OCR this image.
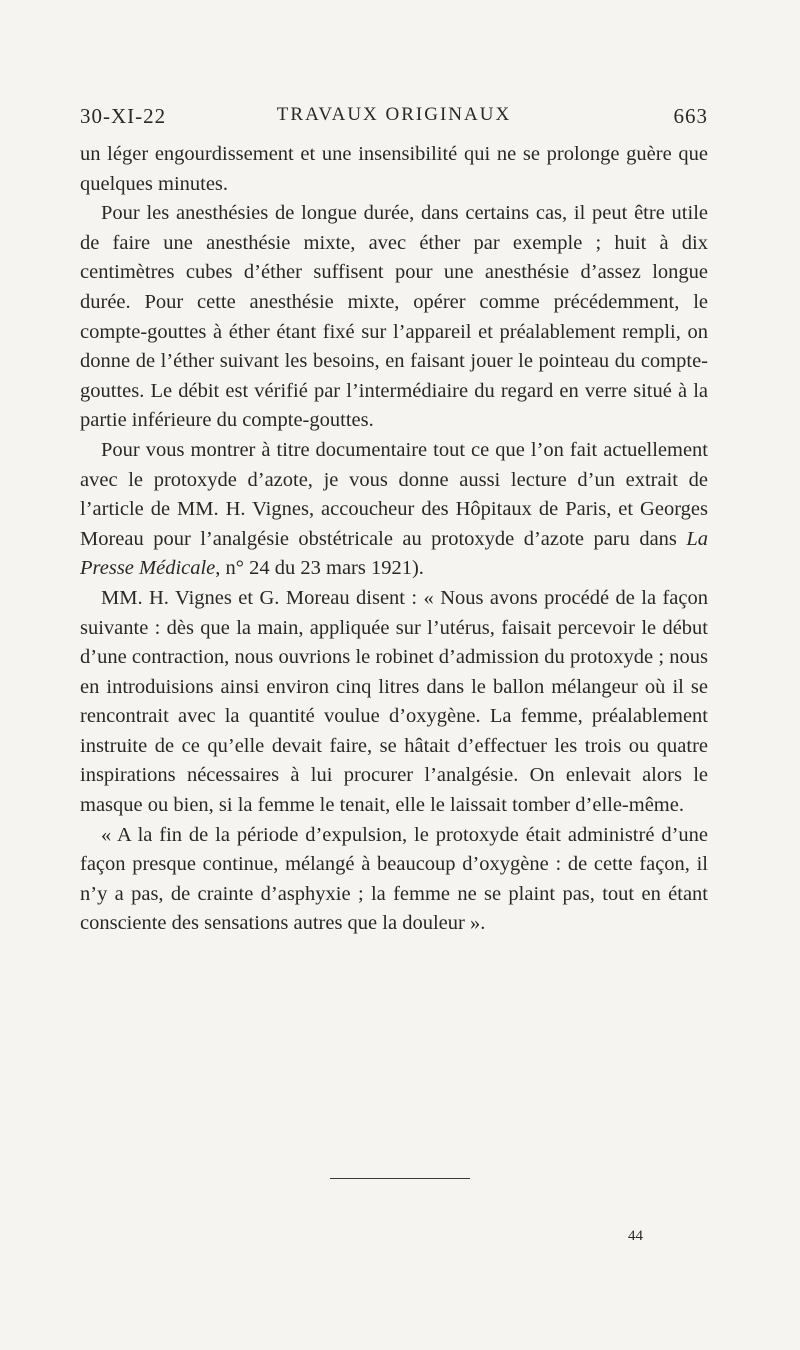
30-XI-22	TRAVAUX ORIGINAUX	663

un léger engourdissement et une insensibilité qui ne se prolonge guère que quelques minutes.

Pour les anesthésies de longue durée, dans certains cas, il peut être utile de faire une anesthésie mixte, avec éther par exemple ; huit à dix centimètres cubes d’éther suffisent pour une anesthésie d’assez longue durée. Pour cette anesthésie mixte, opérer comme précédemment, le compte-gouttes à éther étant fixé sur l’appareil et préalablement rempli, on donne de l’éther suivant les besoins, en faisant jouer le pointeau du compte-gouttes. Le débit est vérifié par l’intermédiaire du regard en verre situé à la partie inférieure du compte-gouttes.

Pour vous montrer à titre documentaire tout ce que l’on fait actuellement avec le protoxyde d’azote, je vous donne aussi lecture d’un extrait de l’article de MM. H. Vignes, accoucheur des Hôpitaux de Paris, et Georges Moreau pour l’analgésie obstétricale au protoxyde d’azote paru dans La Presse Médicale, n° 24 du 23 mars 1921).

MM. H. Vignes et G. Moreau disent : « Nous avons procédé de la façon suivante : dès que la main, appliquée sur l’utérus, faisait percevoir le début d’une contraction, nous ouvrions le robinet d’admission du protoxyde ; nous en introduisions ainsi environ cinq litres dans le ballon mélangeur où il se rencontrait avec la quantité voulue d’oxygène. La femme, préalablement instruite de ce qu’elle devait faire, se hâtait d’effectuer les trois ou quatre inspirations nécessaires à lui procurer l’analgésie. On enlevait alors le masque ou bien, si la femme le tenait, elle le laissait tomber d’elle-même.

« A la fin de la période d’expulsion, le protoxyde était administré d’une façon presque continue, mélangé à beaucoup d’oxygène : de cette façon, il n’y a pas, de crainte d’asphyxie ; la femme ne se plaint pas, tout en étant consciente des sensations autres que la douleur ».

44
